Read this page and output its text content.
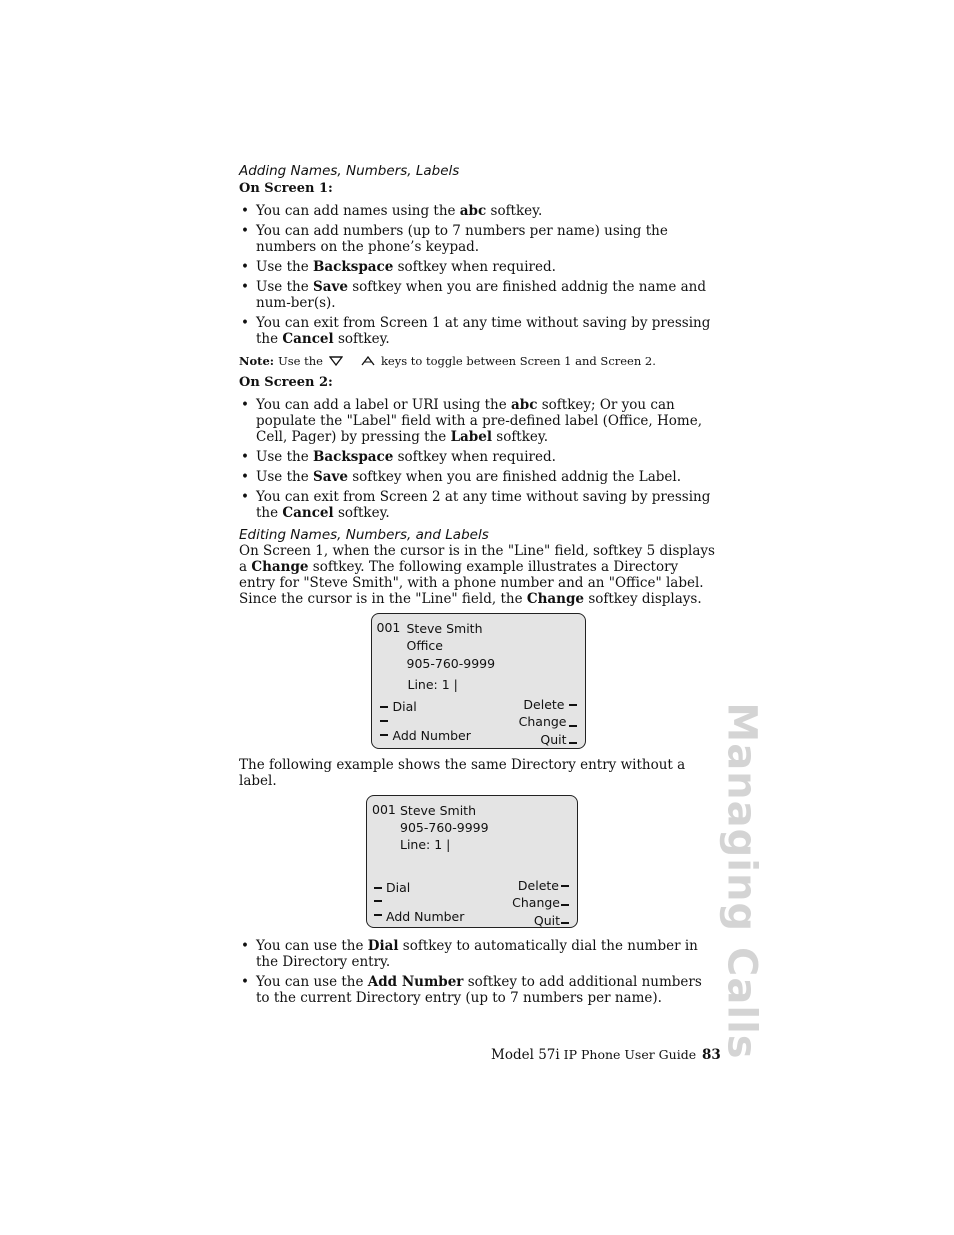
Adding Names, Numbers, Labels

On Screen 1:

• You can add names using the abc softkey.
• You can add numbers (up to 7 numbers per name) using the numbers on the phone’s keypad.
• Use the Backspace softkey when required.
• Use the Save softkey when you are finished addnig the name and num-ber(s).
• You can exit from Screen 1 at any time without saving by pressing the Cancel softkey.
Note: Use the	keys to toggle between Screen 1 and Screen 2.

On Screen 2:

• You can add a label or URI using the abc softkey; Or you can populate the "Label" field with a pre-defined label (Office, Home, Cell, Pager) by pressing the Label softkey.
• Use the Backspace softkey when required.
• Use the Save softkey when you are finished addnig the Label.
• You can exit from Screen 2 at any time without saving by pressing the Cancel softkey.

Editing Names, Numbers, and Labels

On Screen 1, when the cursor is in the "Line" field, softkey 5 displays a Change softkey. The following example illustrates a Directory entry for "Steve Smith", with a phone number and an "Office" label. Since the cursor is in the "Line" field, the Change softkey displays.

001 Steve Smith
Office
905-760-9999
Line: 1 |
Dial
Add Number
Delete
Change
Quit

The following example shows the same Directory entry without a label.

001 Steve Smith
905-760-9999
Line: 1 |
Dial
Add Number
Delete
Change
Quit
• You can use the Dial softkey to automatically dial the number in the Directory entry.
• You can use the Add Number softkey to add additional numbers to the current Directory entry (up to 7 numbers per name).
Model 57i IP Phone User Guide 83
Managing Calls
